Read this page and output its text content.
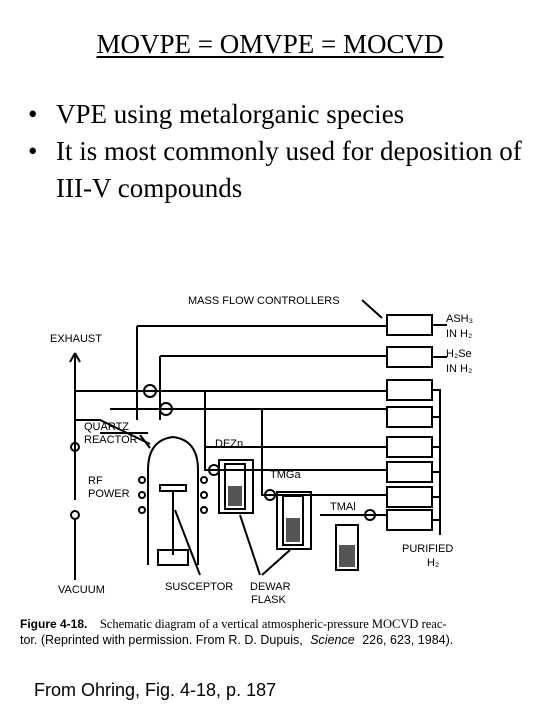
MOVPE = OMVPE = MOCVD
• VPE using metalorganic species
• It is most commonly used for deposition of III-V compounds
MASS FLOW CONTROLLERS
EXHAUST
ASH₃
IN H₂
H₂Se
IN H₂
QUARTZ
REACTOR
RF
POWER
DEZn
TMGa
TMAl
PURIFIED
H₂
VACUUM	SUSCEPTOR DEWAR
FLASK
Figure 4-18. Schematic diagram of a vertical atmospheric-pressure MOCVD reac-
tor. (Reprinted with permission. From R. D. Dupuis, Science 226, 623, 1984).
From Ohring, Fig. 4-18, p. 187
